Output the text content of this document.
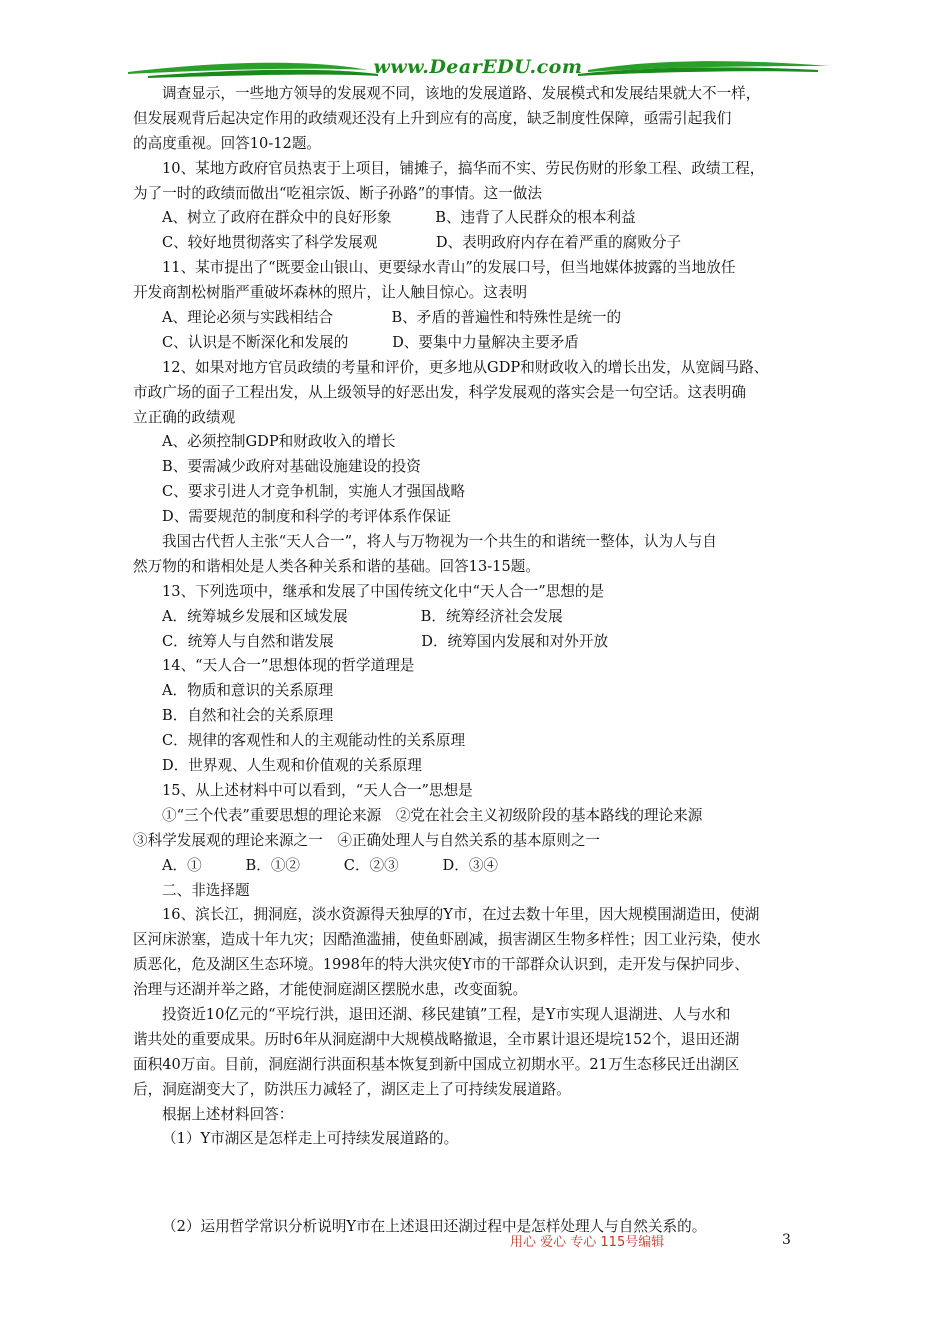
www.DearEDU.com
调查显示，一些地方领导的发展观不同，该地的发展道路、发展模式和发展结果就大不一样，
但发展观背后起决定作用的政绩观还没有上升到应有的高度，缺乏制度性保障，亟需引起我们
的高度重视。回答10-12题。
10、某地方政府官员热衷于上项目，铺摊子，搞华而不实、劳民伤财的形象工程、政绩工程，
为了一时的政绩而做出“吃祖宗饭、断子孙路”的事情。这一做法
A、树立了政府在群众中的良好形象　　　B、违背了人民群众的根本利益
C、较好地贯彻落实了科学发展观　　　　D、表明政府内存在着严重的腐败分子
11、某市提出了“既要金山银山、更要绿水青山”的发展口号，但当地媒体披露的当地放任
开发商割松树脂严重破坏森林的照片，让人触目惊心。这表明
A、理论必须与实践相结合　　　　B、矛盾的普遍性和特殊性是统一的
C、认识是不断深化和发展的　　　D、要集中力量解决主要矛盾
12、如果对地方官员政绩的考量和评价，更多地从GDP和财政收入的增长出发，从宽阔马路、
市政广场的面子工程出发，从上级领导的好恶出发，科学发展观的落实会是一句空话。这表明确
立正确的政绩观
A、必须控制GDP和财政收入的增长
B、要需减少政府对基础设施建设的投资
C、要求引进人才竞争机制，实施人才强国战略
D、需要规范的制度和科学的考评体系作保证
我国古代哲人主张“天人合一”，将人与万物视为一个共生的和谐统一整体，认为人与自
然万物的和谐相处是人类各种关系和谐的基础。回答13-15题。
13、下列选项中，继承和发展了中国传统文化中“天人合一”思想的是
A．统筹城乡发展和区域发展　　　　　B．统筹经济社会发展
C．统筹人与自然和谐发展　　　　　　D．统筹国内发展和对外开放
14、“天人合一”思想体现的哲学道理是
A．物质和意识的关系原理
B．自然和社会的关系原理
C．规律的客观性和人的主观能动性的关系原理
D．世界观、人生观和价值观的关系原理
15、从上述材料中可以看到，“天人合一”思想是
①“三个代表”重要思想的理论来源　②党在社会主义初级阶段的基本路线的理论来源
③科学发展观的理论来源之一　④正确处理人与自然关系的基本原则之一
A．①　　　B．①②　　　C．②③　　　D．③④
二、非选择题
16、滨长江，拥洞庭，淡水资源得天独厚的Y市，在过去数十年里，因大规模围湖造田，使湖
区河床淤塞，造成十年九灾；因酷渔滥捕，使鱼虾剧减，损害湖区生物多样性；因工业污染，使水
质恶化，危及湖区生态环境。1998年的特大洪灾使Y市的干部群众认识到，走开发与保护同步、
治理与还湖并举之路，才能使洞庭湖区摆脱水患，改变面貌。
投资近10亿元的“平垸行洪，退田还湖、移民建镇”工程，是Y市实现人退湖进、人与水和
谐共处的重要成果。历时6年从洞庭湖中大规模战略撤退，全市累计退还堤垸152个，退田还湖
面积40万亩。目前，洞庭湖行洪面积基本恢复到新中国成立初期水平。21万生态移民迁出湖区
后，洞庭湖变大了，防洪压力减轻了，湖区走上了可持续发展道路。
根据上述材料回答：
（1）Y市湖区是怎样走上可持续发展道路的。
（2）运用哲学常识分析说明Y市在上述退田还湖过程中是怎样处理人与自然关系的。
用心 爱心 专心 115号编辑	3
